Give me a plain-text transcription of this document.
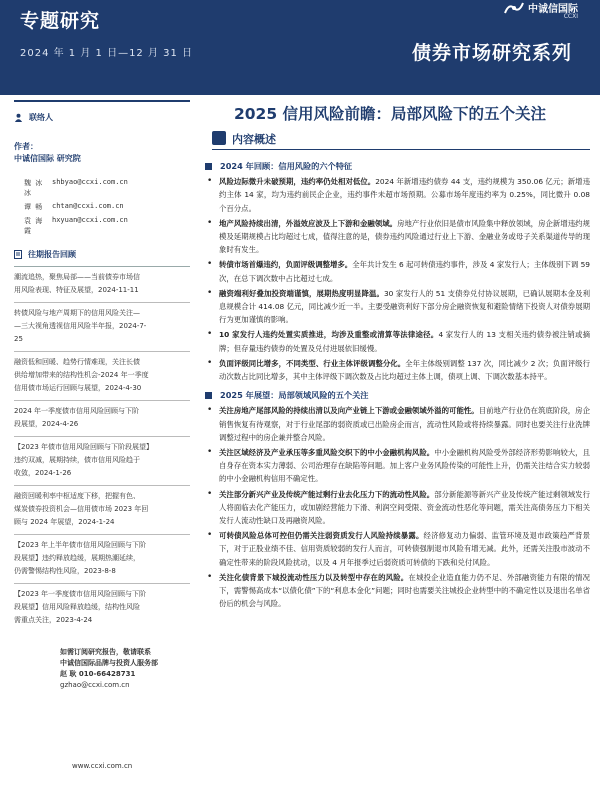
专题研究
2024 年 1 月 1 日—12 月 31 日
中诚信国际
CCXI
债券市场研究系列
2025 信用风险前瞻：局部风险下的五个关注
内容概述
联络人
作者：
中诚信国际 研究院
魏 冰 冰
shbyao@ccxi.com.cn
谭 畅	chtan@ccxi.com.cn
袁 海 霞
hxyuan@ccxi.com.cn
往期报告回顾
潮流追热，聚焦局部——当前债券市场信
用风险表现、特征及展望，2024-11-11
转债风险与地产周期下的信用风险关注—
—三大视角透视信用风险半年报，2024-7-
25
融资低和回暖、趋势行情难现，关注长债
供给增加带来的结构性机会-2024 年一季度
信用债市场运行回顾与展望，2024-4-30
2024 年一季度债市信用风险回顾与下阶
段展望，2024-4-26
【2023 年债市信用风险回顾与下阶段展望】
违约双减，展期持续，债市信用风险趋于
收敛，2024-1-26
融资回暖利率中枢适度下移，把握有色、
煤炭债券投资机会—信用债市场 2023 年回
顾与 2024 年展望，2024-1-24
【2023 年上半年债市信用风险回顾与下阶
段展望】违约释放趋缓，展期热潮延续，
仍需警惕结构性风险，2023-8-8
【2023 年一季度债市信用风险回顾与下阶
段展望】信用风险释放趋缓，结构性风险
需重点关注，2023-4-24
如需订阅研究报告，敬请联系
中诚信国际品牌与投资人服务部
赵 耿 010-66428731
gzhao@ccxi.com.cn
www.ccxi.com.cn
2024 年回顾：信用风险的六个特征
• 风险边际微升未破预期，违约率仍处相对低位。2024 年新增违约债券 44 支，违约规模为 350.06 亿元；新增违约主体 14 家，均为违约前民企企业，违约事件未超市场预期。公募市场年度违约率为 0.25%，同比微升 0.08 个百分点。
• 地产风险持续出清，外溢效应波及上下游和金融领域。房地产行业依旧是债市风险集中释放领域，房企新增违约规模及延期规模占比均超过七成，值得注意的是，债券违约风险通过行业上下游、金融业务或母子关系渠道传导的现象时有发生。
• 转债市场首爆违约，负面评级调整增多。全年共计发生 6 起可转债违约事件，涉及 4 家发行人；主体级别下调 59 次，在总下调次数中占比超过七成。
• 融资端利好叠加投资端谨慎，展期热度明显降温。30 家发行人的 51 支债券兑付协议展期，已确认展期本金及利息规模合计 414.08 亿元，同比减少近一半。主要受融资利好下部分房企融资恢复和避险情绪下投资人对债券展期行为更加谨慎的影响。
• 10 家发行人违约处置实质推进，均涉及重整或清算等法律途径。4 家发行人的 13 支相关违约债券被注销或摘牌；但存量违约债券的处置及兑付进展依旧缓慢。
• 负面评级同比增多，不同类型、行业主体评级调整分化。全年主体级别调整 137 次，同比减少 2 次；负面评级行动次数占比同比增多，其中主体评级下调次数及占比均超过主体上调，债项上调、下调次数基本持平。
2025 年展望：局部领域风险的五个关注
• 关注房地产尾部风险的持续出清以及向产业链上下游或金融领域外溢的可能性。目前地产行业仍在筑底阶段，房企销售恢复有待观察，对于行业尾部的弱资质或已出险房企而言，流动性风险或将持续暴露。同时也要关注行业洗牌调整过程中的房企兼并整合风险。
• 关注区域经济及产业承压等多重风险交织下的中小金融机构风险。中小金融机构风险受外部经济形势影响较大，且自身存在资本实力薄弱、公司治理存在缺陷等问题。加上客户业务风险传染的可能性上升，仍需关注结合实力较弱的中小金融机构信用不确定性。
• 关注部分新兴产业及传统产能过剩行业去化压力下的流动性风险。部分新能源等新兴产业及传统产能过剩领域发行人将面临去化产能压力，或加剧经营能力下滑、利润空间受限、资金流动性恶化等问题，需关注高债务压力下相关发行人流动性缺口及再融资风险。
• 可转债风险总体可控但仍需关注弱资质发行人风险持续暴露。经济修复动力偏弱、监管环境及退市政策趋严背景下，对于正股业绩不佳、信用资质较弱的发行人而言，可转债强制退市风险有增无减。此外，还需关注股市波动不确定性带来的阶段风险扰动，以及 4 月年报季过后弱资质可转债的下跌和兑付风险。
• 关注化债背景下城投流动性压力以及转型中存在的风险。在城投企业造血能力仍不足、外部融资能力有限的情况下，需警惕高成本“以债化债”下的“利息本金化”问题；同时也需要关注城投企业转型中的不确定性以及退出名单省份后的机会与风险。
